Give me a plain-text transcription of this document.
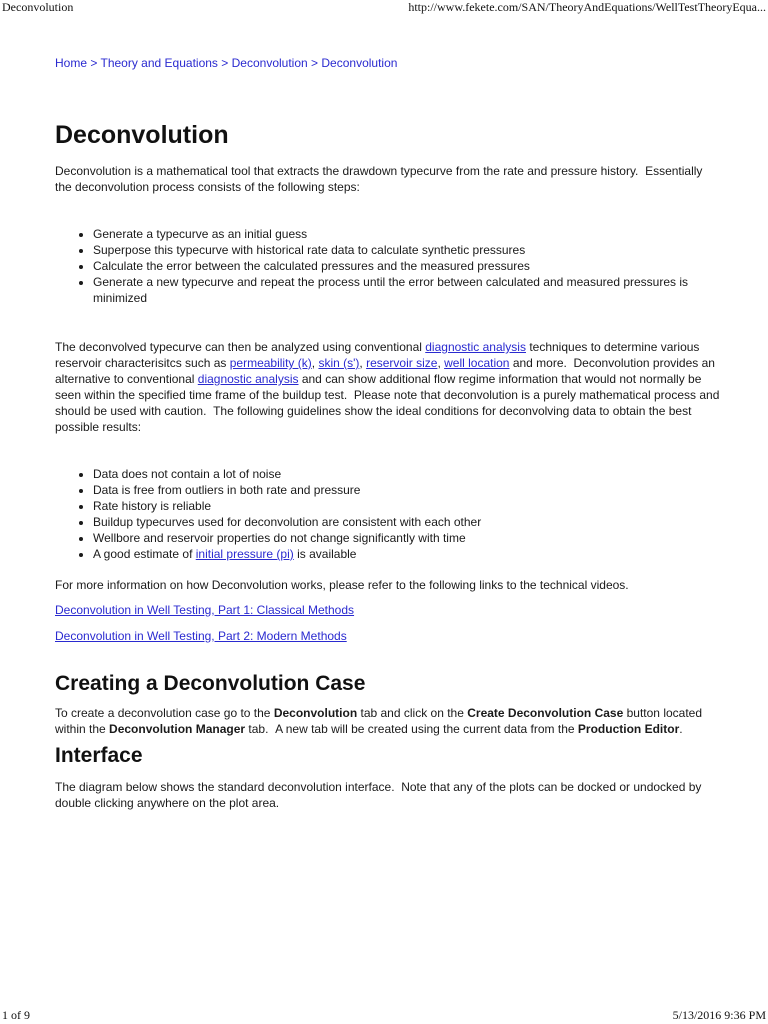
Deconvolution	http://www.fekete.com/SAN/TheoryAndEquations/WellTestTheoryEqua...
Home > Theory and Equations > Deconvolution > Deconvolution
Deconvolution

Deconvolution is a mathematical tool that extracts the drawdown typecurve from the rate and pressure history.  Essentially the deconvolution process consists of the following steps:

• Generate a typecurve as an initial guess
• Superpose this typecurve with historical rate data to calculate synthetic pressures
• Calculate the error between the calculated pressures and the measured pressures
• Generate a new typecurve and repeat the process until the error between calculated and measured pressures is minimized

The deconvolved typecurve can then be analyzed using conventional diagnostic analysis techniques to determine various reservoir characterisitcs such as permeability (k), skin (s'), reservoir size, well location and more.  Deconvolution provides an alternative to conventional diagnostic analysis and can show additional flow regime information that would not normally be seen within the specified time frame of the buildup test.  Please note that deconvolution is a purely mathematical process and should be used with caution.  The following guidelines show the ideal conditions for deconvolving data to obtain the best possible results:

• Data does not contain a lot of noise
• Data is free from outliers in both rate and pressure
• Rate history is reliable
• Buildup typecurves used for deconvolution are consistent with each other
• Wellbore and reservoir properties do not change significantly with time
• A good estimate of initial pressure (pi) is available

For more information on how Deconvolution works, please refer to the following links to the technical videos.

Deconvolution in Well Testing, Part 1: Classical Methods

Deconvolution in Well Testing, Part 2: Modern Methods

Creating a Deconvolution Case

To create a deconvolution case go to the Deconvolution tab and click on the Create Deconvolution Case button located within the Deconvolution Manager tab.  A new tab will be created using the current data from the Production Editor.

Interface

The diagram below shows the standard deconvolution interface.  Note that any of the plots can be docked or undocked by double clicking anywhere on the plot area.

1 of 9	5/13/2016 9:36 PM
